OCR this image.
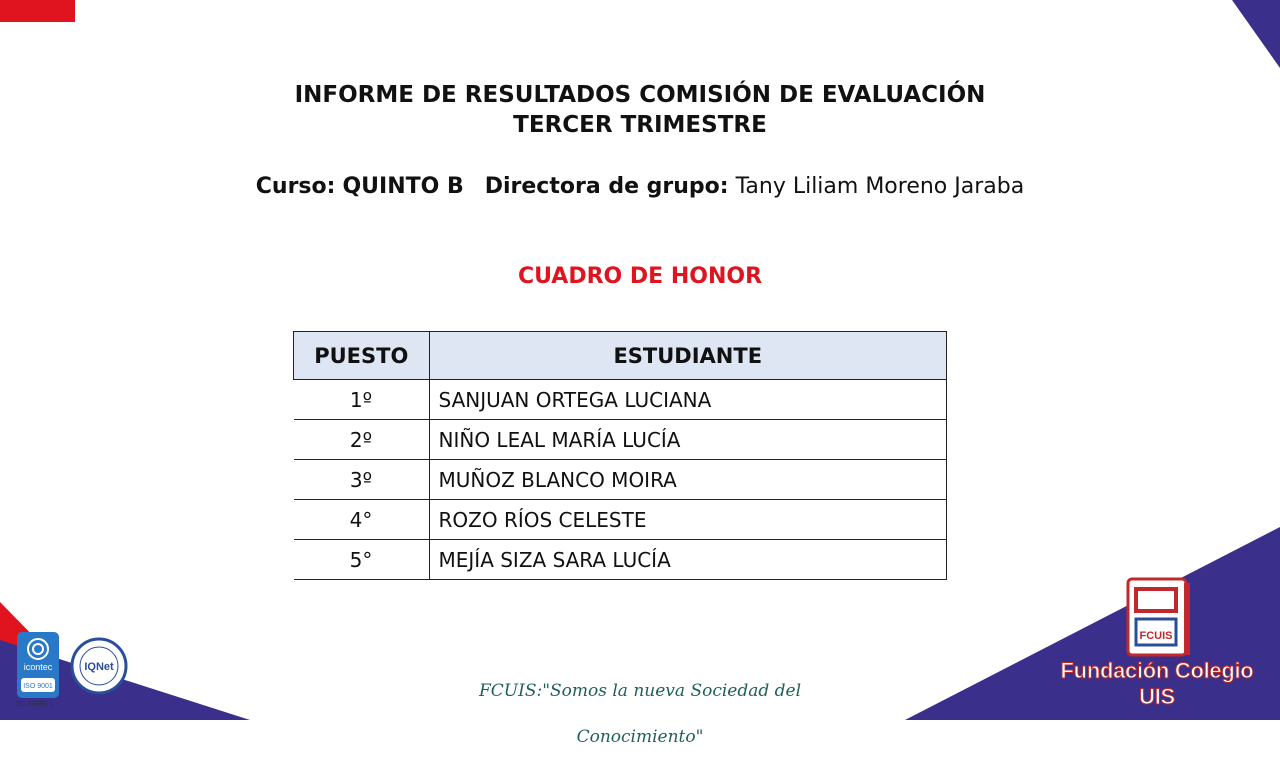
INFORME DE RESULTADOS COMISIÓN DE EVALUACIÓN
TERCER TRIMESTRE
Curso: QUINTO B Directora de grupo: Tany Liliam Moreno Jaraba
CUADRO DE HONOR
PUESTO	ESTUDIANTE
1º	SANJUAN ORTEGA LUCIANA
2º	NIÑO LEAL MARÍA LUCÍA
3º	MUÑOZ BLANCO MOIRA
4°	ROZO RÍOS CELESTE
5°	MEJÍA SIZA SARA LUCÍA
icontec
ISO 9001
IQNet
SC 53883-1
FCUIS:"Somos la nueva Sociedad del Conocimiento"
FCUIS
Fundación Colegio UIS
